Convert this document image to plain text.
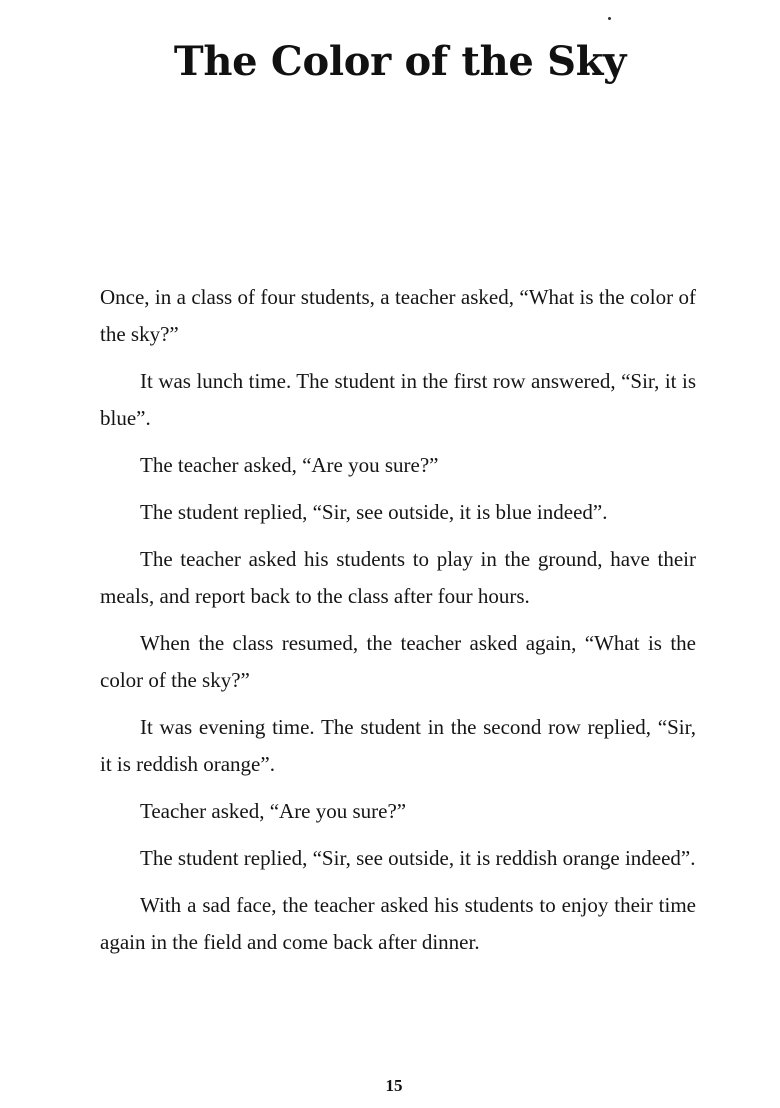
The Color of the Sky

Once, in a class of four students, a teacher asked, “What is the color of the sky?”

It was lunch time. The student in the first row answered, “Sir, it is blue”.

The teacher asked, “Are you sure?”

The student replied, “Sir, see outside, it is blue indeed”.

The teacher asked his students to play in the ground, have their meals, and report back to the class after four hours.

When the class resumed, the teacher asked again, “What is the color of the sky?”

It was evening time. The student in the second row replied, “Sir, it is reddish orange”.

Teacher asked, “Are you sure?”

The student replied, “Sir, see outside, it is reddish orange indeed”.

With a sad face, the teacher asked his students to enjoy their time again in the field and come back after dinner.

15
